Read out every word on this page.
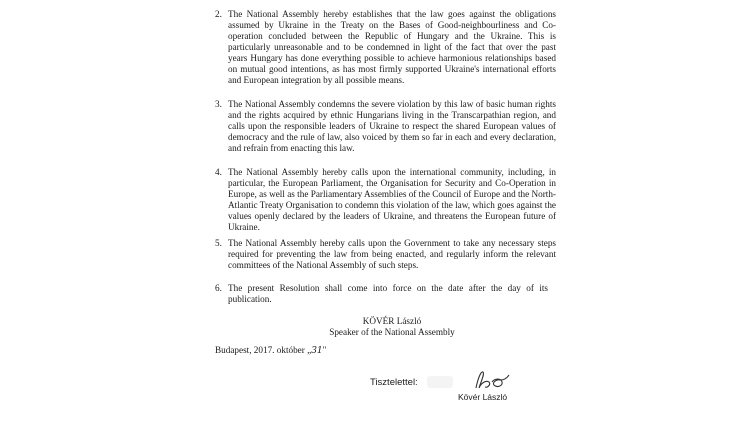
2. The National Assembly hereby establishes that the law goes against the obligations assumed by Ukraine in the Treaty on the Bases of Good-neighbourliness and Co-operation concluded between the Republic of Hungary and the Ukraine. This is particularly unreasonable and to be condemned in light of the fact that over the past years Hungary has done everything possible to achieve harmonious relationships based on mutual good intentions, as has most firmly supported Ukraine's international efforts and European integration by all possible means.
3. The National Assembly condemns the severe violation by this law of basic human rights and the rights acquired by ethnic Hungarians living in the Transcarpathian region, and calls upon the responsible leaders of Ukraine to respect the shared European values of democracy and the rule of law, also voiced by them so far in each and every declaration, and refrain from enacting this law.
4. The National Assembly hereby calls upon the international community, including, in particular, the European Parliament, the Organisation for Security and Co-Operation in Europe, as well as the Parliamentary Assemblies of the Council of Europe and the North-Atlantic Treaty Organisation to condemn this violation of the law, which goes against the values openly declared by the leaders of Ukraine, and threatens the European future of Ukraine.
5. The National Assembly hereby calls upon the Government to take any necessary steps required for preventing the law from being enacted, and regularly inform the relevant committees of the National Assembly of such steps.
6. The present Resolution shall come into force on the date after the day of its publication.
KÖVÉR László
Speaker of the National Assembly
Budapest, 2017. október „31"
Tisztelettel:
Kövér László
